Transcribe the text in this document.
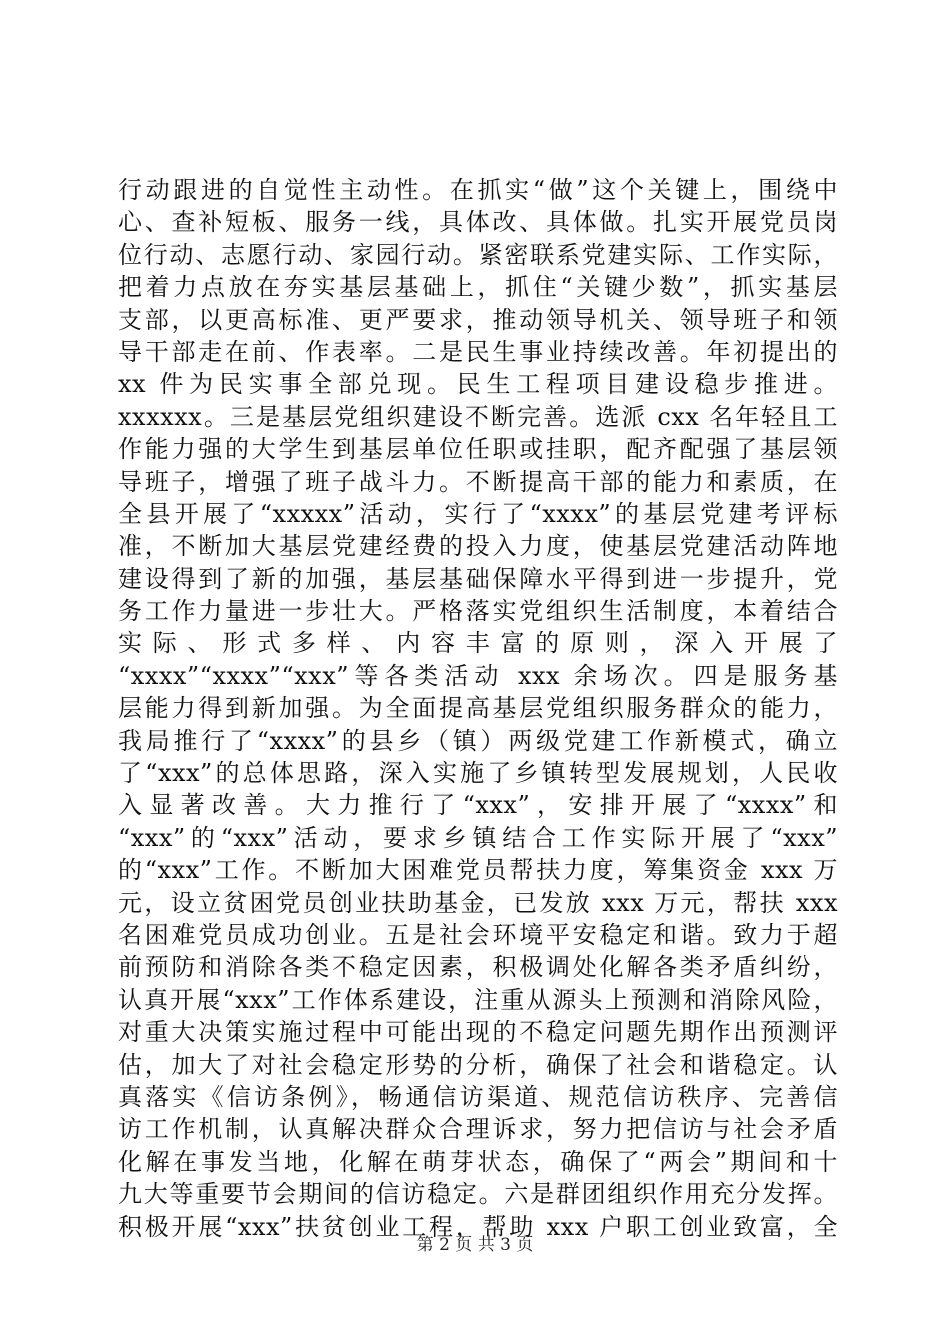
行动跟进的自觉性主动性。在抓实“做”这个关键上，围绕中
心、查补短板、服务一线，具体改、具体做。扎实开展党员岗
位行动、志愿行动、家园行动。紧密联系党建实际、工作实际，
把着力点放在夯实基层基础上，抓住“关键少数”，抓实基层
支部，以更高标准、更严要求，推动领导机关、领导班子和领
导干部走在前、作表率。二是民生事业持续改善。年初提出的
xx 件为民实事全部兑现。民生工程项目建设稳步推进。
xxxxxx。三是基层党组织建设不断完善。选派 cxx 名年轻且工
作能力强的大学生到基层单位任职或挂职，配齐配强了基层领
导班子，增强了班子战斗力。不断提高干部的能力和素质，在
全县开展了“xxxxx”活动，实行了“xxxx”的基层党建考评标
准，不断加大基层党建经费的投入力度，使基层党建活动阵地
建设得到了新的加强，基层基础保障水平得到进一步提升，党
务工作力量进一步壮大。严格落实党组织生活制度，本着结合
实际、形式多样、内容丰富的原则，深入开展了
“xxxx”“xxxx”“xxx”等各类活动 xxx 余场次。四是服务基
层能力得到新加强。为全面提高基层党组织服务群众的能力，
我局推行了“xxxx”的县乡（镇）两级党建工作新模式，确立
了“xxx”的总体思路，深入实施了乡镇转型发展规划，人民收
入显著改善。大力推行了“xxx”，安排开展了“xxxx”和
“xxx”的“xxx”活动，要求乡镇结合工作实际开展了“xxx”
的“xxx”工作。不断加大困难党员帮扶力度，筹集资金 xxx 万
元，设立贫困党员创业扶助基金，已发放 xxx 万元，帮扶 xxx
名困难党员成功创业。五是社会环境平安稳定和谐。致力于超
前预防和消除各类不稳定因素，积极调处化解各类矛盾纠纷，
认真开展“xxx”工作体系建设，注重从源头上预测和消除风险，
对重大决策实施过程中可能出现的不稳定问题先期作出预测评
估，加大了对社会稳定形势的分析，确保了社会和谐稳定。认
真落实《信访条例》，畅通信访渠道、规范信访秩序、完善信
访工作机制，认真解决群众合理诉求，努力把信访与社会矛盾
化解在事发当地，化解在萌芽状态，确保了“两会”期间和十
九大等重要节会期间的信访稳定。六是群团组织作用充分发挥。
积极开展“xxx”扶贫创业工程，帮助 xxx 户职工创业致富，全
第 2 页 共 3 页
